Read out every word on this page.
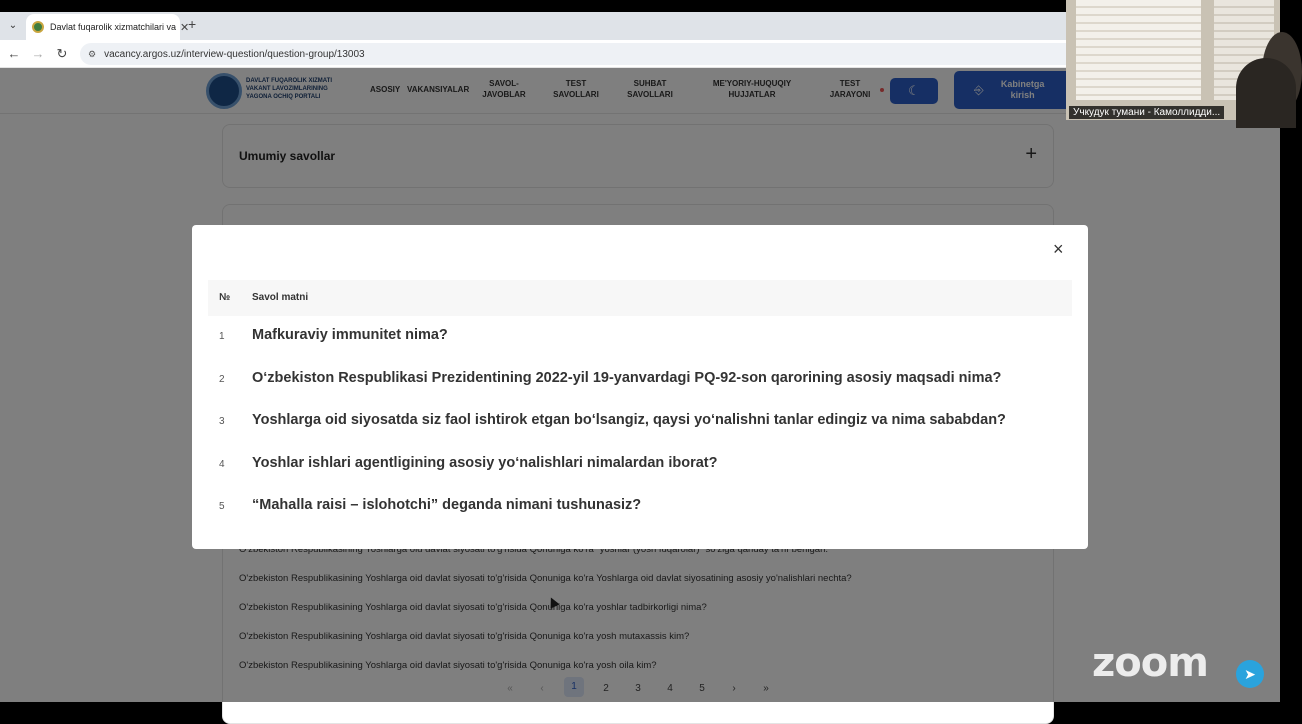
⌄	Davlat fuqarolik xizmatchilari va ✕
+
← → ↻ ⚙ vacancy.argos.uz/interview-question/question-group/13003
×
№ Savol matni
1 Mafkuraviy immunitet nima?
2 O‘zbekiston Respublikasi Prezidentining 2022-yil 19-yanvardagi PQ-92-son qarorining asosiy maqsadi nima?
3 Yoshlarga oid siyosatda siz faol ishtirok etgan bo‘lsangiz, qaysi yo‘nalishni tanlar edingiz va nima sababdan?
4 Yoshlar ishlari agentligining asosiy yo‘nalishlari nimalardan iborat?
5 “Mahalla raisi – islohotchi” deganda nimani tushunasiz?
Учкудук тумани - Камоллидди...
zoom	➤
